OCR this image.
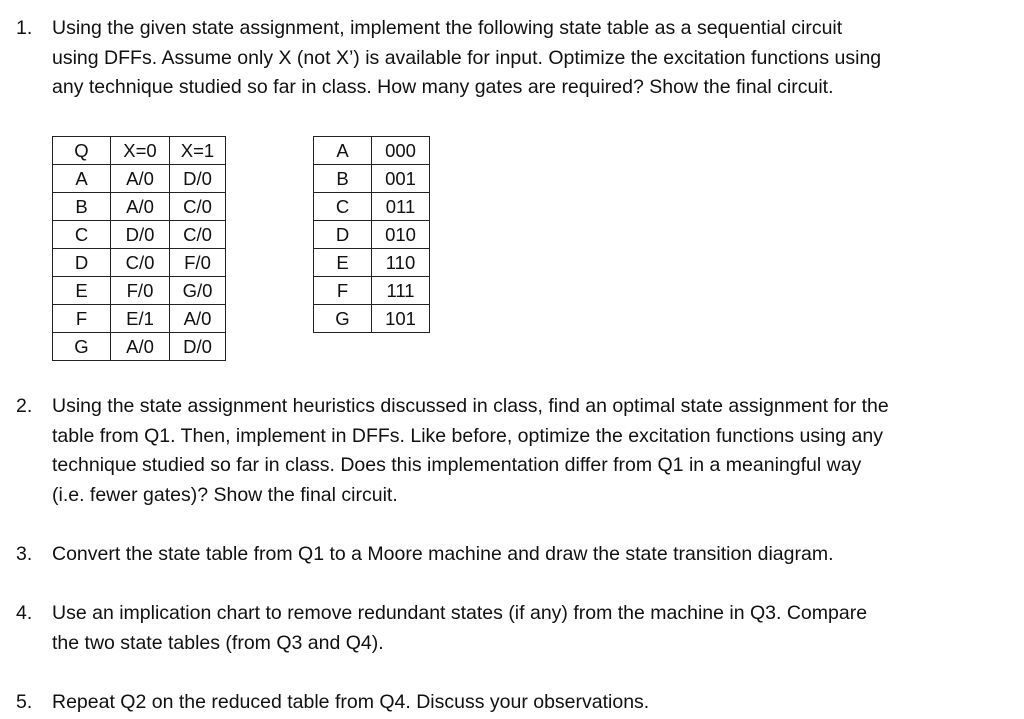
1.	Using the given state assignment, implement the following state table as a sequential circuit
using DFFs. Assume only X (not X’) is available for input. Optimize the excitation functions using
any technique studied so far in class. How many gates are required? Show the final circuit.
Q	X=0	X=1
A	A/0	D/0
B	A/0	C/0
C	D/0	C/0
D	C/0	F/0
E	F/0	G/0
F	E/1	A/0
G	A/0	D/0
A	000
B	001
C	011
D	010
E	110
F	111
G	101
2.	Using the state assignment heuristics discussed in class, find an optimal state assignment for the
table from Q1. Then, implement in DFFs. Like before, optimize the excitation functions using any
technique studied so far in class. Does this implementation differ from Q1 in a meaningful way
(i.e. fewer gates)? Show the final circuit.
3.	Convert the state table from Q1 to a Moore machine and draw the state transition diagram.
4.	Use an implication chart to remove redundant states (if any) from the machine in Q3. Compare
the two state tables (from Q3 and Q4).
5.	Repeat Q2 on the reduced table from Q4. Discuss your observations.
